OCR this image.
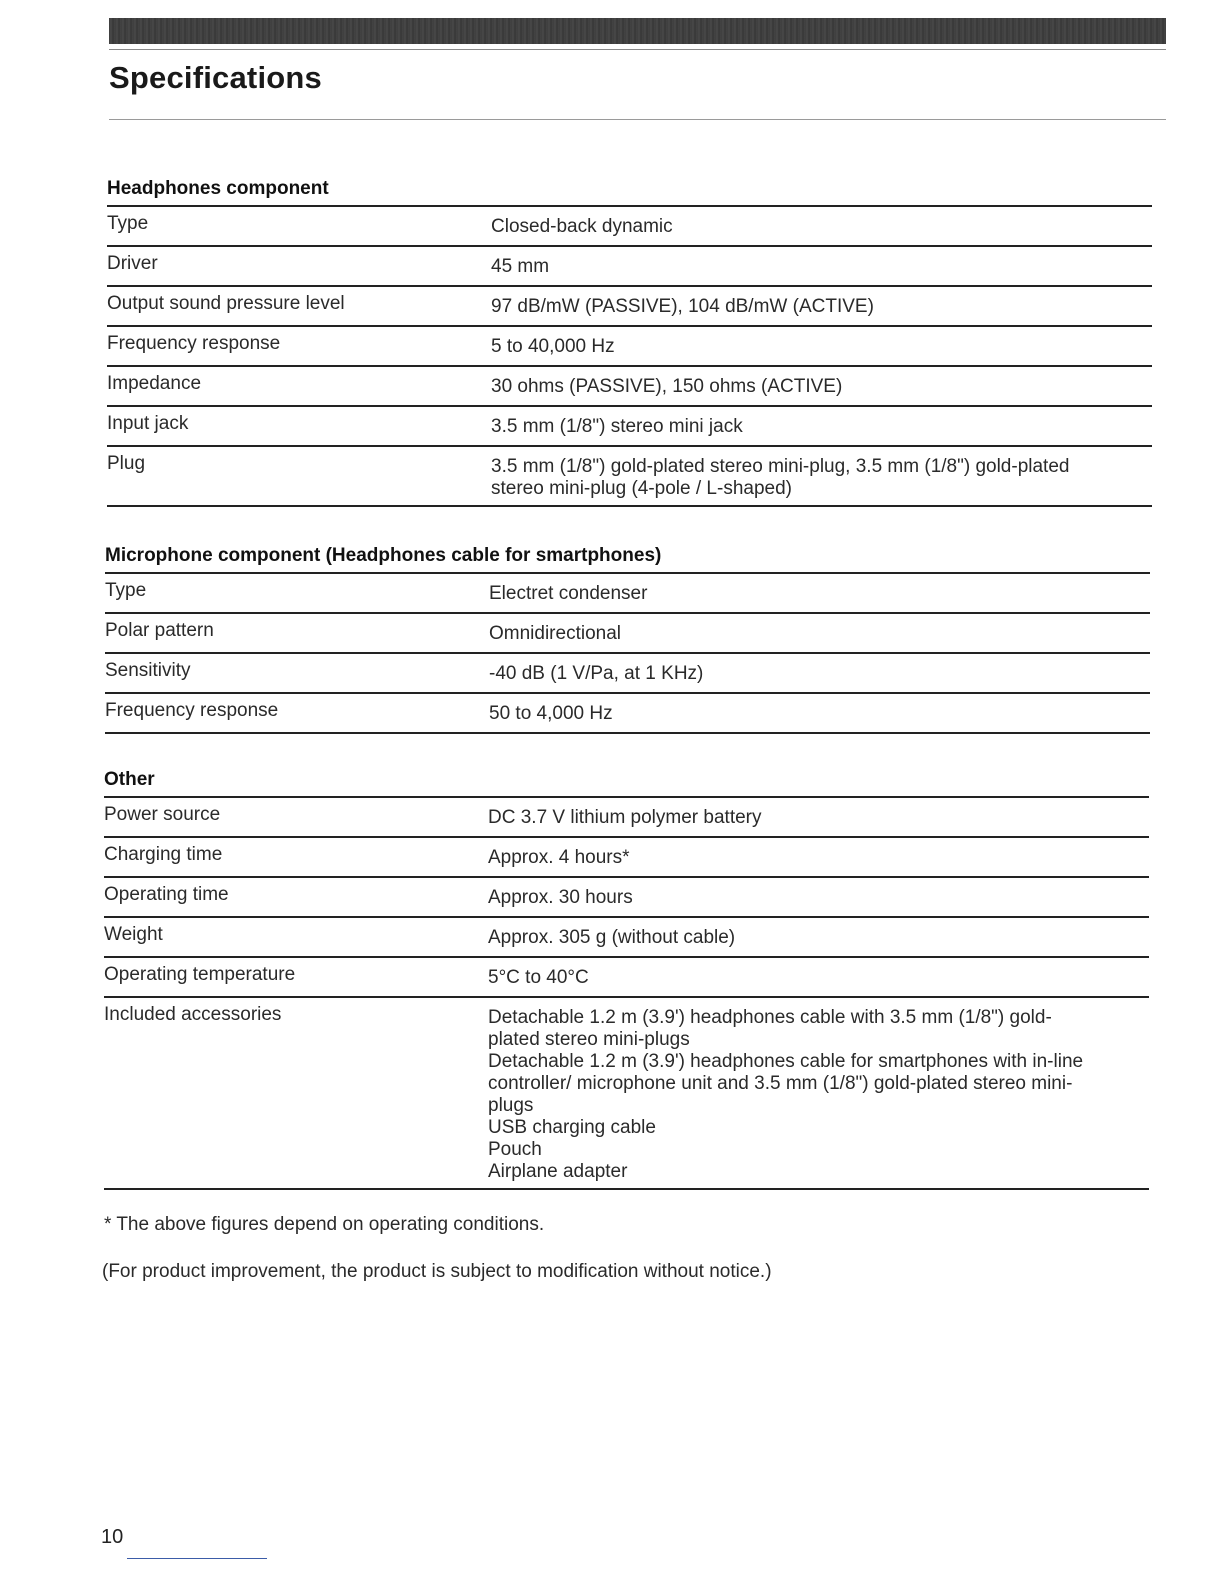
Specifications
Headphones component
Type	Closed-back dynamic
Driver	45 mm
Output sound pressure level	97 dB/mW (PASSIVE), 104 dB/mW (ACTIVE)
Frequency response	5 to 40,000 Hz
Impedance	30 ohms (PASSIVE), 150 ohms (ACTIVE)
Input jack	3.5 mm (1/8") stereo mini jack
Plug	3.5 mm (1/8") gold-plated stereo mini-plug, 3.5 mm (1/8") gold-plated
stereo mini-plug (4-pole / L-shaped)
Microphone component (Headphones cable for smartphones)
Type	Electret condenser
Polar pattern	Omnidirectional
Sensitivity	-40 dB (1 V/Pa, at 1 KHz)
Frequency response	50 to 4,000 Hz
Other
Power source	DC 3.7 V lithium polymer battery
Charging time	Approx. 4 hours*
Operating time	Approx. 30 hours
Weight	Approx. 305 g (without cable)
Operating temperature	5°C to 40°C
Included accessories	Detachable 1.2 m (3.9') headphones cable with 3.5 mm (1/8") gold-
plated stereo mini-plugs
Detachable 1.2 m (3.9') headphones cable for smartphones with in-line
controller/ microphone unit and 3.5 mm (1/8") gold-plated stereo mini-
plugs
USB charging cable
Pouch
Airplane adapter

* The above figures depend on operating conditions.

(For product improvement, the product is subject to modification without notice.)

10
